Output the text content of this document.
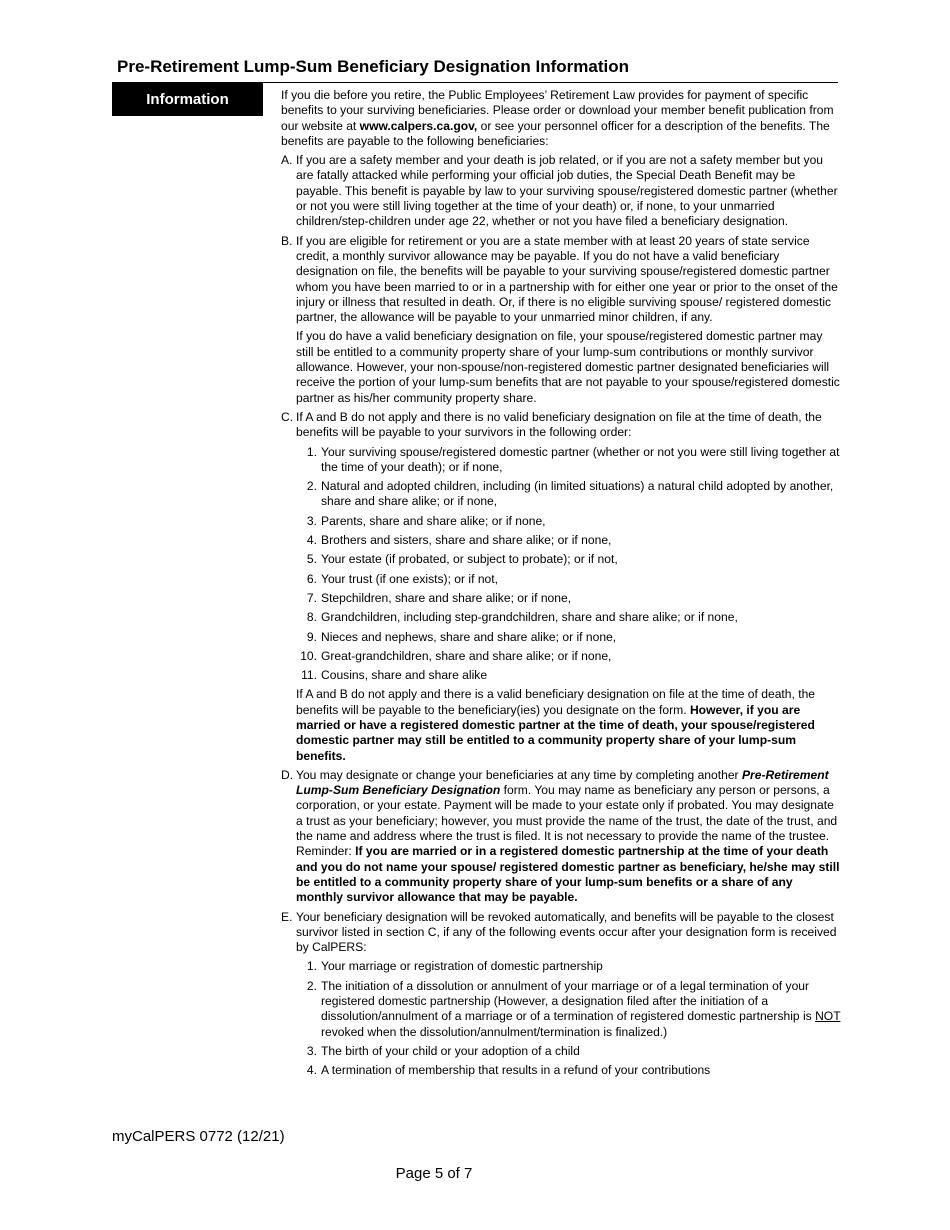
Pre-Retirement Lump-Sum Beneficiary Designation Information
Information	If you die before you retire, the Public Employees’ Retirement Law provides for payment of specific benefits to your surviving beneficiaries. Please order or download your member benefit publication from our website at www.calpers.ca.gov, or see your personnel officer for a description of the benefits. The benefits are payable to the following beneficiaries:

A. If you are a safety member and your death is job related, or if you are not a safety member but you are fatally attacked while performing your official job duties, the Special Death Benefit may be payable. This benefit is payable by law to your surviving spouse/registered domestic partner (whether or not you were still living together at the time of your death) or, if none, to your unmarried children/step-children under age 22, whether or not you have filed a beneficiary designation.

B. If you are eligible for retirement or you are a state member with at least 20 years of state service credit, a monthly survivor allowance may be payable. If you do not have a valid beneficiary designation on file, the benefits will be payable to your surviving spouse/registered domestic partner whom you have been married to or in a partnership with for either one year or prior to the onset of the injury or illness that resulted in death. Or, if there is no eligible surviving spouse/ registered domestic partner, the allowance will be payable to your unmarried minor children, if any.

If you do have a valid beneficiary designation on file, your spouse/registered domestic partner may still be entitled to a community property share of your lump-sum contributions or monthly survivor allowance. However, your non-spouse/non-registered domestic partner designated beneficiaries will receive the portion of your lump-sum benefits that are not payable to your spouse/registered domestic partner as his/her community property share.

C. If A and B do not apply and there is no valid beneficiary designation on file at the time of death, the benefits will be payable to your survivors in the following order:

1. Your surviving spouse/registered domestic partner (whether or not you were still living together at the time of your death); or if none,
2. Natural and adopted children, including (in limited situations) a natural child adopted by another, share and share alike; or if none,
3. Parents, share and share alike; or if none,
4. Brothers and sisters, share and share alike; or if none,
5. Your estate (if probated, or subject to probate); or if not,
6. Your trust (if one exists); or if not,
7. Stepchildren, share and share alike; or if none,
8. Grandchildren, including step-grandchildren, share and share alike; or if none,
9. Nieces and nephews, share and share alike; or if none,
10. Great-grandchildren, share and share alike; or if none,
11. Cousins, share and share alike

If A and B do not apply and there is a valid beneficiary designation on file at the time of death, the benefits will be payable to the beneficiary(ies) you designate on the form. However, if you are married or have a registered domestic partner at the time of death, your spouse/registered domestic partner may still be entitled to a community property share of your lump-sum benefits.

D. You may designate or change your beneficiaries at any time by completing another Pre-Retirement Lump-Sum Beneficiary Designation form. You may name as beneficiary any person or persons, a corporation, or your estate. Payment will be made to your estate only if probated. You may designate a trust as your beneficiary; however, you must provide the name of the trust, the date of the trust, and the name and address where the trust is filed. It is not necessary to provide the name of the trustee. Reminder: If you are married or in a registered domestic partnership at the time of your death and you do not name your spouse/ registered domestic partner as beneficiary, he/she may still be entitled to a community property share of your lump-sum benefits or a share of any monthly survivor allowance that may be payable.

E. Your beneficiary designation will be revoked automatically, and benefits will be payable to the closest survivor listed in section C, if any of the following events occur after your designation form is received by CalPERS:

1. Your marriage or registration of domestic partnership
2. The initiation of a dissolution or annulment of your marriage or of a legal termination of your registered domestic partnership (However, a designation filed after the initiation of a dissolution/annulment of a marriage or of a termination of registered domestic partnership is NOT revoked when the dissolution/annulment/termination is finalized.)
3. The birth of your child or your adoption of a child
4. A termination of membership that results in a refund of your contributions
myCalPERS 0772 (12/21)
Page 5 of 7
